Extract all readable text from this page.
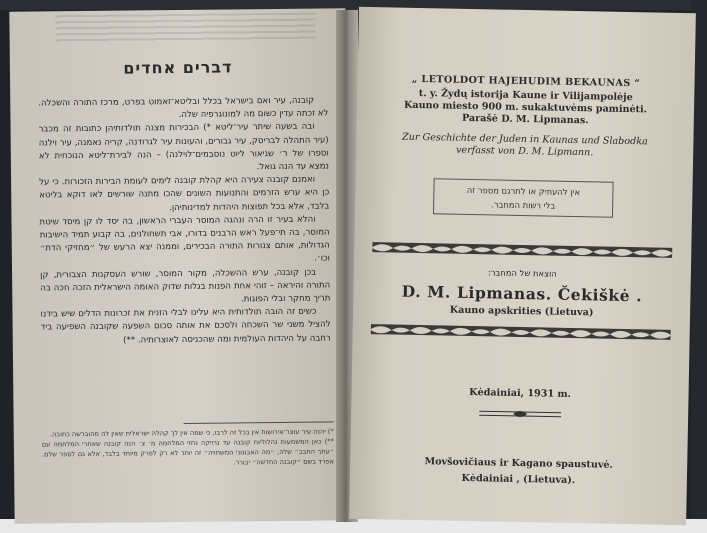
דברים אחדים

קובנה, עיר ואם בישראל בכלל ובליטא־זאמוט בפרט, מרכז התורה והשכלה. לא זכתה עדין כשום מה למונוגרפיה שלה.

ובה בשעה שיתר עיר־ליטא *) הבכירות מצנה תולדותיהן כתובות זה מכבר (עיר התהלה לבריסק, עיר גבורים, והעונות עיר לגרודנה, קריה נאמנה, עיר וילנה וספרו של ר׳ שניאור ליוט נוסבמים־לוילנה) – הנה לבירת־ליטא הנוכחית לא נמצא עד הנה גואל.

ואמנם קובנה צעירה היא קהלת קובנה לימים לעומת הבירות הזכורות. כי על כן היא ערש הזרמים והתנועות השונים שהכו מתנה שורשים לאו דוקא בליטא בלבד, אלא בכל תפוצות היהדות למדינותיהן.

והלא בעיר זו הרה ונהגה המוסר העברי הראשון, בה יסד לו קן מיסד שיטת המוסר, בה תי־פעל ראש הרבנים בדורו, אבי תשחולנים, בה קבוע תמיד הישיבות הגדולות, אותם צנורות התורה הבכירים, וממנה יצא הרעש של ״מחזיקי הדת״ וכו׳.

בכן קובנה, ערש ההשכלה, מקור המוסר, שורש העסקנות הצבורית, קן התורה והיראה – זוהי אחת הפנות בגלות שדוק האומה הישראלית הזכה חכה בה תריך מחקר ובלי הפוגות.

כשים זה הובה תולדותית היא עלינו לבלי הזנית את זכרונות הדלים שיש בידנו להציל משני שר השכחה ולסכם את אותה סכום השפעה שקובנה השפיעה ביד רחבה על היהדות העולמית ומה שהכניסה לאוצרותיה. **)

*) יהנה עיר עוצר־אירושות אין בכל זה לרבו, כי שמה אין לך קהלה ישראלית שאין לה מהוברשה כתובה.

**) כאן המשמעות נהלוליות קובנה עד נרויקה נחזי המלחמה מ׳ צ׳ הנה קובנה שאחרי המלחמה עם ״עתר התבב״ שלה, ״מה האבוגוני המשתויה״ זה יותר לא רק לפרק מיוחד בלבד, אלא גם לספר שלם. אפרד בשם ״קובנה החדשה״ יבורר.

„ LETOLDOT HAJEHUDIM BEKAUNAS “
t. y. Žydų istorija Kaune ir Vilijampolėje
Kauno miesto 900 m. sukaktuvėms paminėti.
Parašė D. M. Lipmanas.
Zur Geschichte der Juden in Kaunas und Slabodka
verfasst von D. M. Lipmann.
אין להעתיק או לתרגם מספר זה
בלי רשות המחבר.
הוצאת של המחבר:
D. M. Lipmanas. Čekiškė .
Kauno apskrities (Lietuva)
Kėdainiai, 1931 m.
Movšovičiaus ir Kagano spaustuvė.
Kėdainiai , (Lietuva).
